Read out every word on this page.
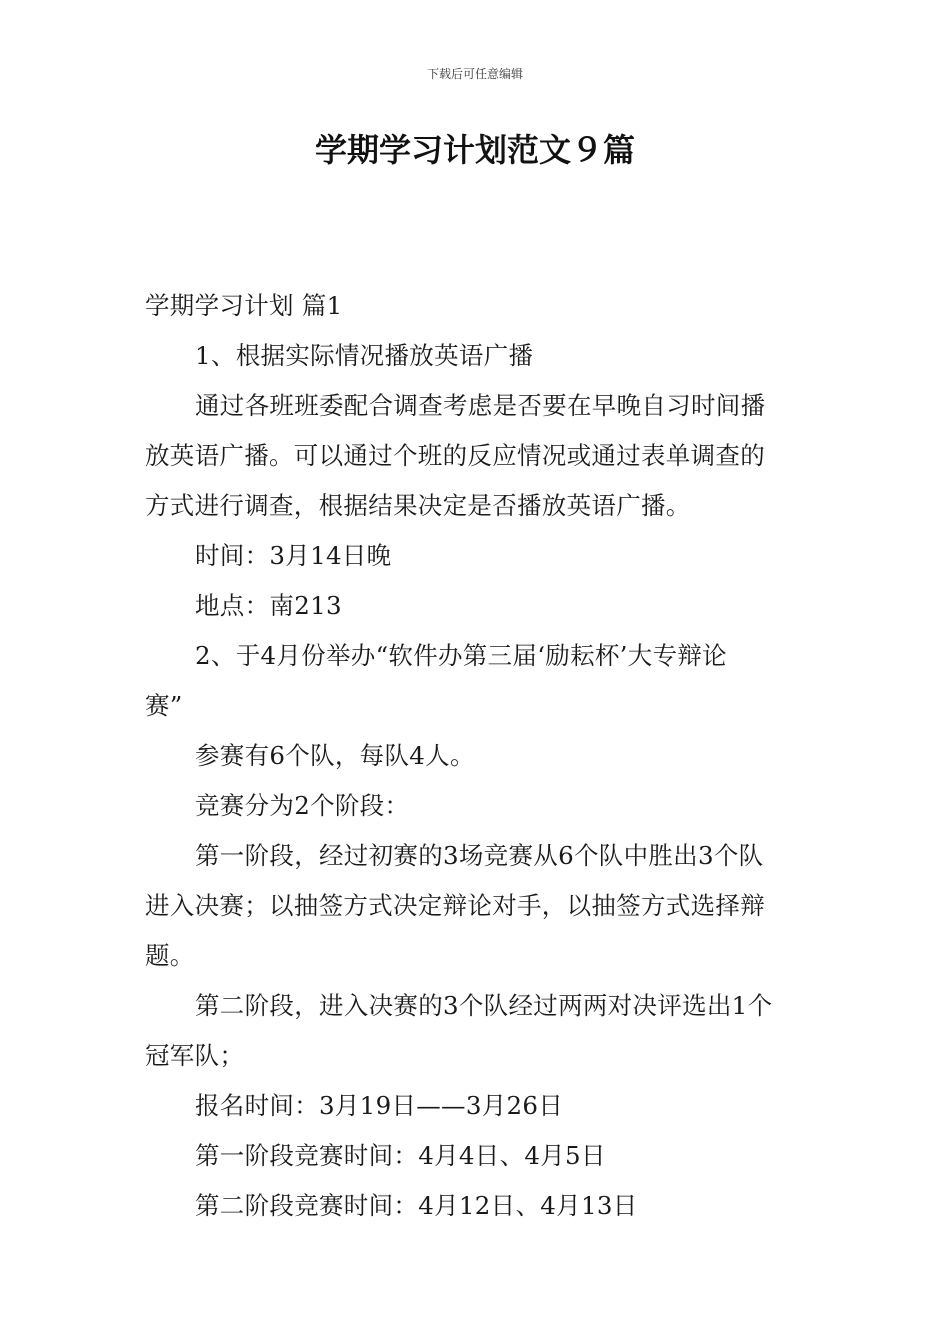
下载后可任意编辑
学期学习计划范文９篇
学期学习计划 篇1
1、根据实际情况播放英语广播
通过各班班委配合调查考虑是否要在早晚自习时间播
放英语广播。可以通过个班的反应情况或通过表单调查的
方式进行调查，根据结果决定是否播放英语广播。
时间：3月14日晚
地点：南213
2、于4月份举办“软件办第三届‘励耘杯’大专辩论
赛”
参赛有6个队，每队4人。
竞赛分为2个阶段：
第一阶段，经过初赛的3场竞赛从6个队中胜出3个队
进入决赛；以抽签方式决定辩论对手，以抽签方式选择辩
题。
第二阶段，进入决赛的3个队经过两两对决评选出1个
冠军队；
报名时间：3月19日——3月26日
第一阶段竞赛时间：4月4日、4月5日
第二阶段竞赛时间：4月12日、4月13日
